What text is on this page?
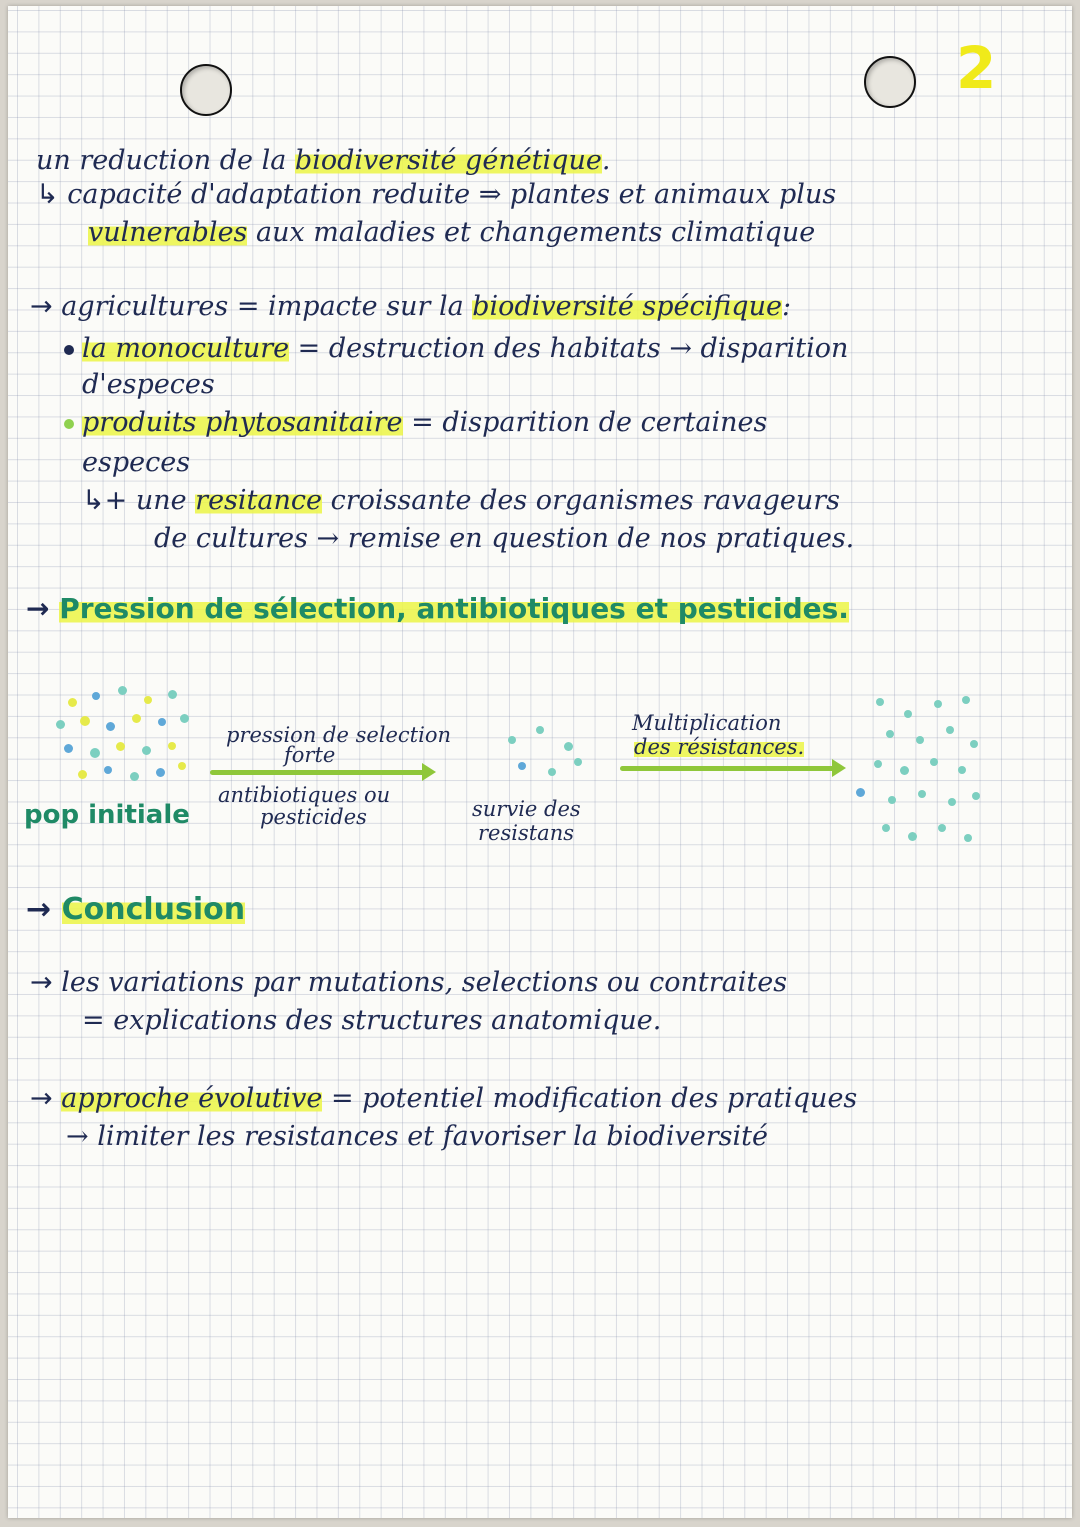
2
un reduction de la biodiversité génétique.
↳ capacité d'adaptation reduite ⇒ plantes et animaux plus
vulnerables aux maladies et changements climatique
→ agricultures = impacte sur la biodiversité spécifique:
la monoculture = destruction des habitats → disparition
d'especes
produits phytosanitaire = disparition de certaines
especes
↳+ une resitance croissante des organismes ravageurs
de cultures → remise en question de nos pratiques.
→ Pression de sélection, antibiotiques et pesticides.
pop initiale
pression de selection
forte
antibiotiques ou
pesticides	survie des
resistans
Multiplication
des résistances.
→ Conclusion
→ les variations par mutations, selections ou contraites
= explications des structures anatomique.
→ approche évolutive = potentiel modification des pratiques
→ limiter les resistances et favoriser la biodiversité
